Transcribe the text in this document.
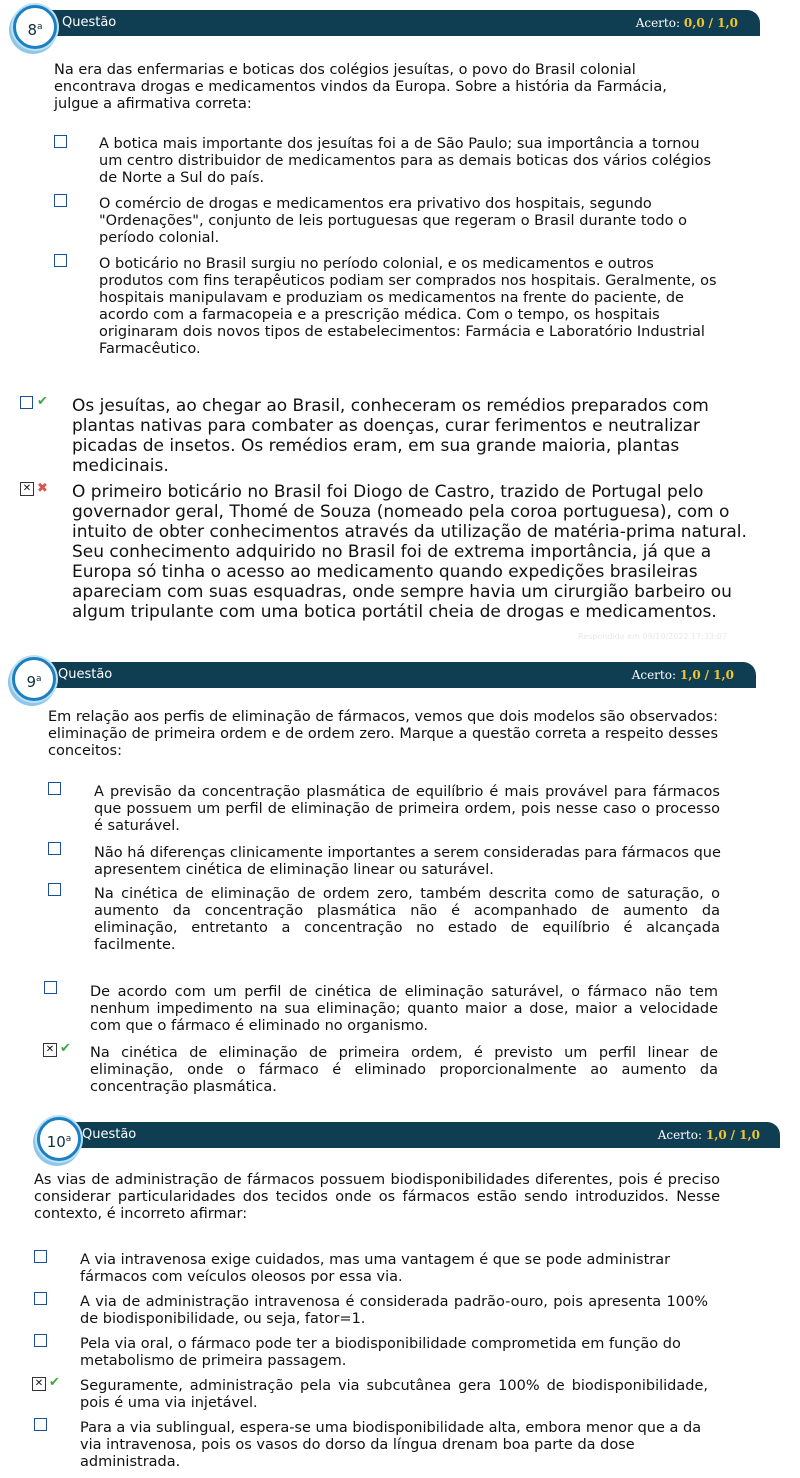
Questão	Acerto: 0,0 / 1,0
8$^a$
Na era das enfermarias e boticas dos colégios jesuítas, o povo do Brasil colonial encontrava drogas e medicamentos vindos da Europa. Sobre a história da Farmácia, julgue a afirmativa correta:
A botica mais importante dos jesuítas foi a de São Paulo; sua importância a tornou um centro distribuidor de medicamentos para as demais boticas dos vários colégios de Norte a Sul do país.
O comércio de drogas e medicamentos era privativo dos hospitais, segundo "Ordenações", conjunto de leis portuguesas que regeram o Brasil durante todo o período colonial.
O boticário no Brasil surgiu no período colonial, e os medicamentos e outros produtos com fins terapêuticos podiam ser comprados nos hospitais. Geralmente, os hospitais manipulavam e produziam os medicamentos na frente do paciente, de acordo com a farmacopeia e a prescrição médica. Com o tempo, os hospitais originaram dois novos tipos de estabelecimentos: Farmácia e Laboratório Industrial Farmacêutico.
✔ Os jesuítas, ao chegar ao Brasil, conheceram os remédios preparados com plantas nativas para combater as doenças, curar ferimentos e neutralizar picadas de insetos. Os remédios eram, em sua grande maioria, plantas medicinais.
✕ ✖ O primeiro boticário no Brasil foi Diogo de Castro, trazido de Portugal pelo governador geral, Thomé de Souza (nomeado pela coroa portuguesa), com o intuito de obter conhecimentos através da utilização de matéria-prima natural. Seu conhecimento adquirido no Brasil foi de extrema importância, já que a Europa só tinha o acesso ao medicamento quando expedições brasileiras apareciam com suas esquadras, onde sempre havia um cirurgião barbeiro ou algum tripulante com uma botica portátil cheia de drogas e medicamentos.
Respondido em 09/10/2022 17:33:07
Questão	Acerto: 1,0 / 1,0
9$^a$
Em relação aos perfis de eliminação de fármacos, vemos que dois modelos são observados: eliminação de primeira ordem e de ordem zero. Marque a questão correta a respeito desses conceitos:
A previsão da concentração plasmática de equilíbrio é mais provável para fármacos que possuem um perfil de eliminação de primeira ordem, pois nesse caso o processo é saturável.
Não há diferenças clinicamente importantes a serem consideradas para fármacos que apresentem cinética de eliminação linear ou saturável.
Na cinética de eliminação de ordem zero, também descrita como de saturação, o aumento da concentração plasmática não é acompanhado de aumento da eliminação, entretanto a concentração no estado de equilíbrio é alcançada facilmente.
De acordo com um perfil de cinética de eliminação saturável, o fármaco não tem nenhum impedimento na sua eliminação; quanto maior a dose, maior a velocidade com que o fármaco é eliminado no organismo.
✕ ✔ Na cinética de eliminação de primeira ordem, é previsto um perfil linear de eliminação, onde o fármaco é eliminado proporcionalmente ao aumento da concentração plasmática.
Questão	Acerto: 1,0 / 1,0
10$^a$
As vias de administração de fármacos possuem biodisponibilidades diferentes, pois é preciso considerar particularidades dos tecidos onde os fármacos estão sendo introduzidos. Nesse contexto, é incorreto afirmar:
A via intravenosa exige cuidados, mas uma vantagem é que se pode administrar fármacos com veículos oleosos por essa via.
A via de administração intravenosa é considerada padrão-ouro, pois apresenta 100% de biodisponibilidade, ou seja, fator=1.
Pela via oral, o fármaco pode ter a biodisponibilidade comprometida em função do metabolismo de primeira passagem.
✕ ✔ Seguramente, administração pela via subcutânea gera 100% de biodisponibilidade, pois é uma via injetável.
Para a via sublingual, espera-se uma biodisponibilidade alta, embora menor que a da via intravenosa, pois os vasos do dorso da língua drenam boa parte da dose administrada.
